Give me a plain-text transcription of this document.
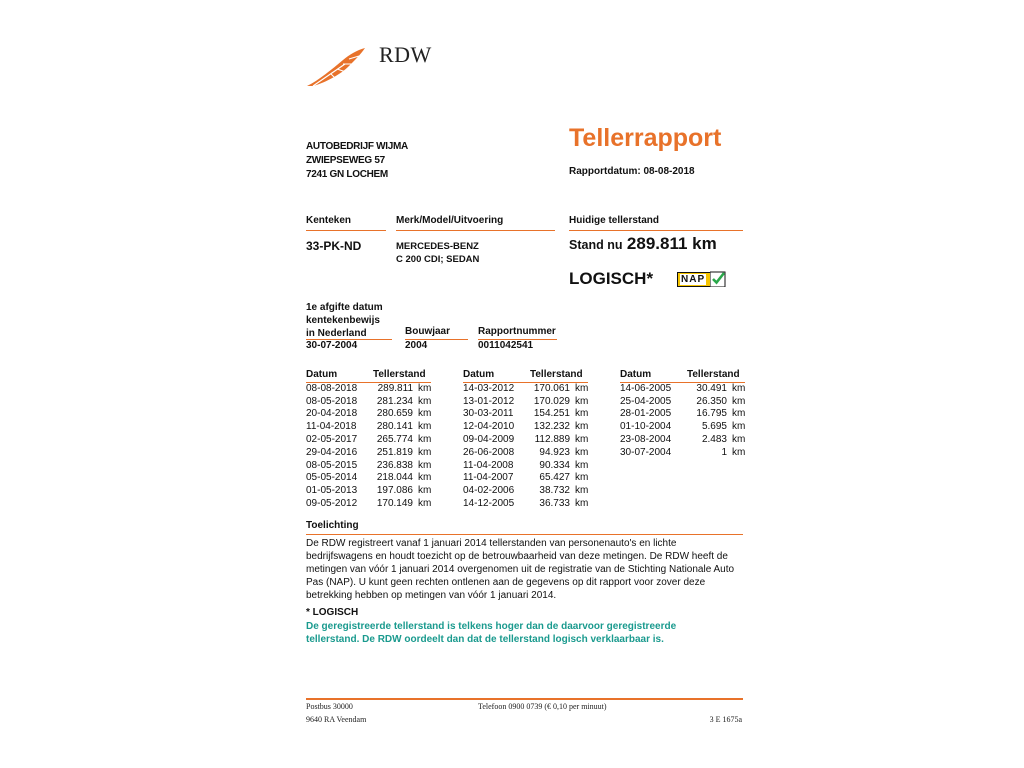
RDW
AUTOBEDRIJF WIJMA
ZWIEPSEWEG 57
7241 GN LOCHEM
Tellerrapport
Rapportdatum: 08-08-2018
Kenteken	Merk/Model/Uitvoering	Huidige tellerstand
33-PK-ND	MERCEDES-BENZ
C 200 CDI; SEDAN
Stand nu 289.811 km
LOGISCH*	NAP
1e afgifte datum
kentekenbewijs
in Nederland	Bouwjaar	Rapportnummer
30-07-2004	2004	0011042541
Datum	Tellerstand	
08-08-2018	289.811	km
08-05-2018	281.234	km
20-04-2018	280.659	km
11-04-2018	280.141	km
02-05-2017	265.774	km
29-04-2016	251.819	km
08-05-2015	236.838	km
05-05-2014	218.044	km
01-05-2013	197.086	km
09-05-2012	170.149	km
Datum	Tellerstand	
14-03-2012	170.061	km
13-01-2012	170.029	km
30-03-2011	154.251	km
12-04-2010	132.232	km
09-04-2009	112.889	km
26-06-2008	94.923	km
11-04-2008	90.334	km
11-04-2007	65.427	km
04-02-2006	38.732	km
14-12-2005	36.733	km
Datum	Tellerstand	
14-06-2005	30.491	km
25-04-2005	26.350	km
28-01-2005	16.795	km
01-10-2004	5.695	km
23-08-2004	2.483	km
30-07-2004	1	km
Toelichting
De RDW registreert vanaf 1 januari 2014 tellerstanden van personenauto's en lichte
bedrijfswagens en houdt toezicht op de betrouwbaarheid van deze metingen. De RDW heeft de
metingen van vóór 1 januari 2014 overgenomen uit de registratie van de Stichting Nationale Auto
Pas (NAP). U kunt geen rechten ontlenen aan de gegevens op dit rapport voor zover deze
betrekking hebben op metingen van vóór 1 januari 2014.
* LOGISCH
De geregistreerde tellerstand is telkens hoger dan de daarvoor geregistreerde
tellerstand. De RDW oordeelt dan dat de tellerstand logisch verklaarbaar is.
Postbus 30000
9640 RA Veendam
Telefoon 0900 0739 (€ 0,10 per minuut)
3 E 1675a
